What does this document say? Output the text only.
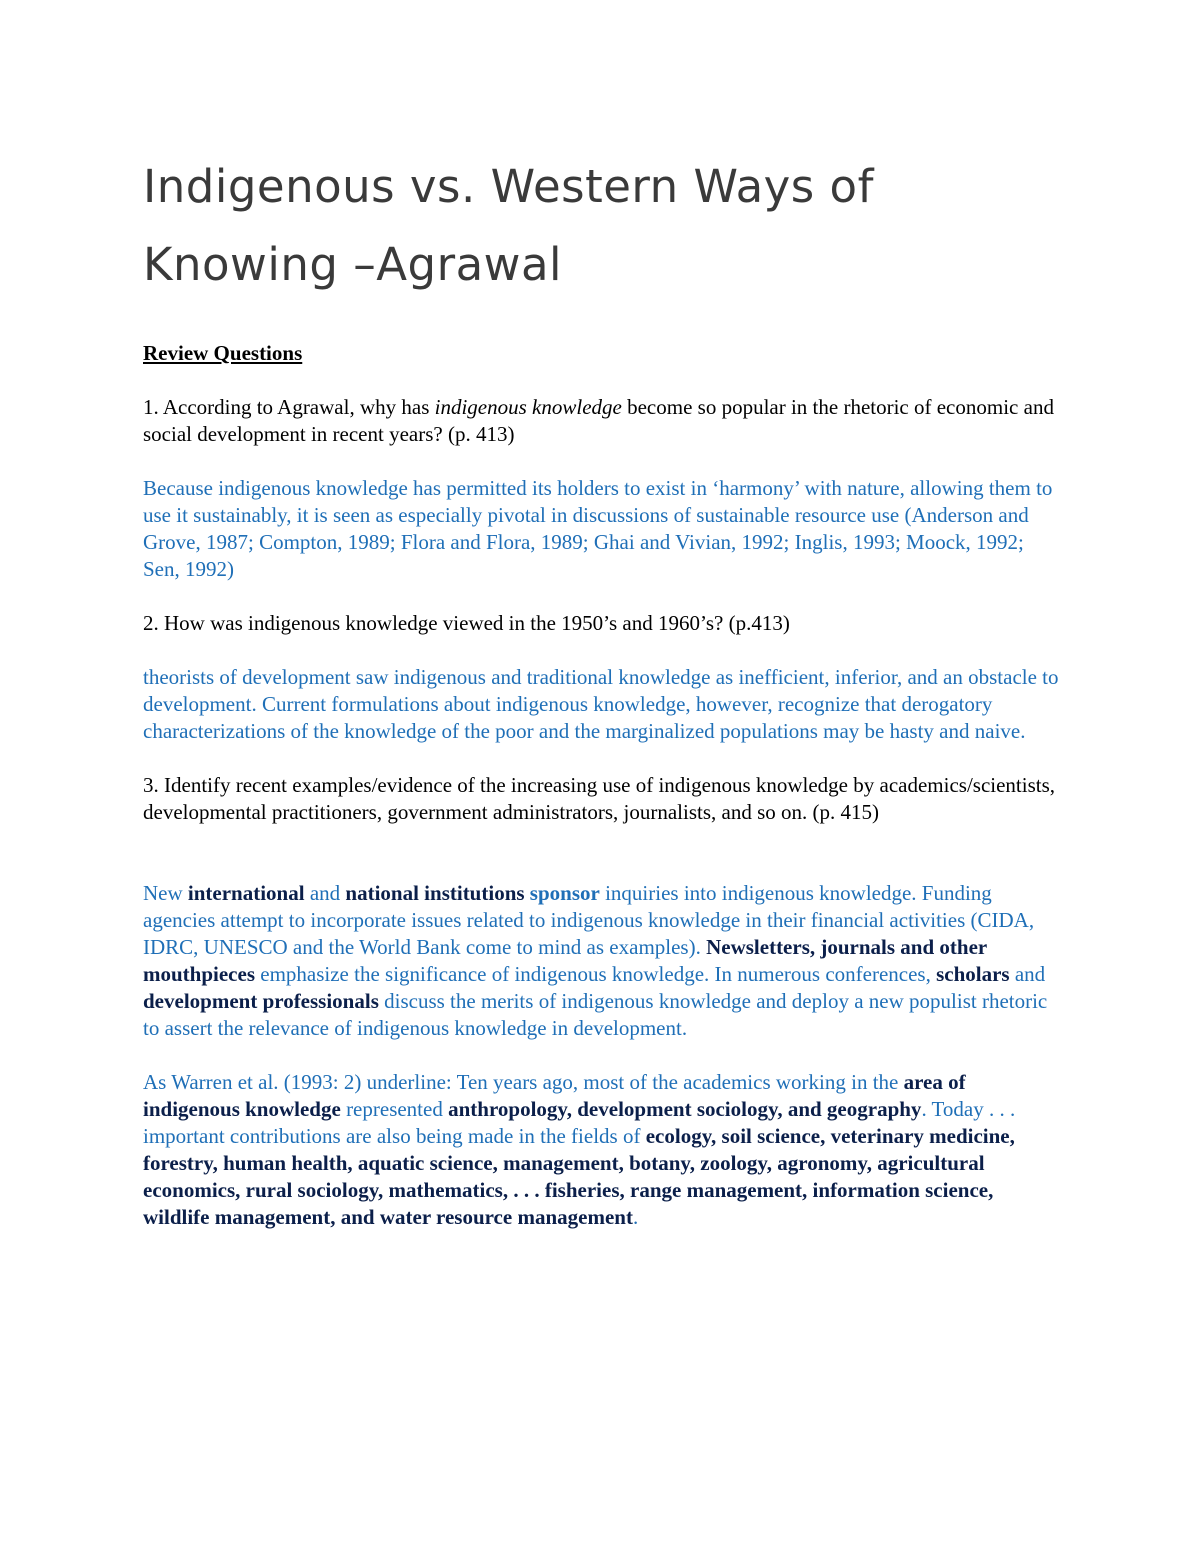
Indigenous vs. Western Ways of
Knowing –Agrawal

Review Questions

1. According to Agrawal, why has indigenous knowledge become so popular in the rhetoric of economic and social development in recent years? (p. 413)

Because indigenous knowledge has permitted its holders to exist in ‘harmony’ with nature, allowing them to use it sustainably, it is seen as especially pivotal in discussions of sustainable resource use (Anderson and Grove, 1987; Compton, 1989; Flora and Flora, 1989; Ghai and Vivian, 1992; Inglis, 1993; Moock, 1992; Sen, 1992)

2. How was indigenous knowledge viewed in the 1950’s and 1960’s? (p.413)

theorists of development saw indigenous and traditional knowledge as inefficient, inferior, and an obstacle to development. Current formulations about indigenous knowledge, however, recognize that derogatory characterizations of the knowledge of the poor and the marginalized populations may be hasty and naive.

3. Identify recent examples/evidence of the increasing use of indigenous knowledge by academics/scientists, developmental practitioners, government administrators, journalists, and so on. (p. 415)

New international and national institutions sponsor inquiries into indigenous knowledge. Funding agencies attempt to incorporate issues related to indigenous knowledge in their financial activities (CIDA, IDRC, UNESCO and the World Bank come to mind as examples). Newsletters, journals and other mouthpieces emphasize the significance of indigenous knowledge. In numerous conferences, scholars and development professionals discuss the merits of indigenous knowledge and deploy a new populist rhetoric to assert the relevance of indigenous knowledge in development.

As Warren et al. (1993: 2) underline: Ten years ago, most of the academics working in the area of indigenous knowledge represented anthropology, development sociology, and geography. Today . . . important contributions are also being made in the fields of ecology, soil science, veterinary medicine, forestry, human health, aquatic science, management, botany, zoology, agronomy, agricultural economics, rural sociology, mathematics, . . . fisheries, range management, information science, wildlife management, and water resource management.
